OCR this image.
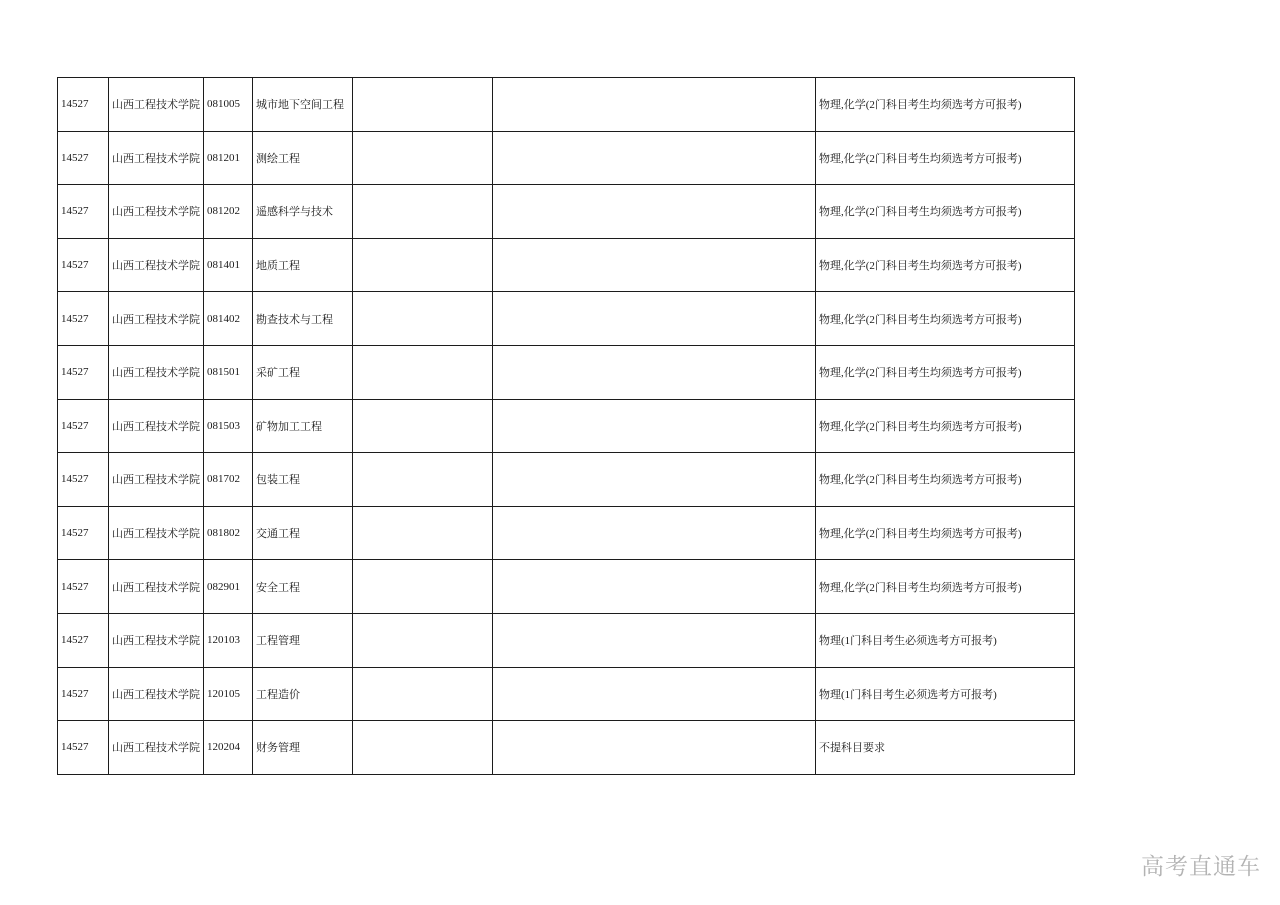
14527	山西工程技术学院	081005	城市地下空间工程			物理,化学(2门科目考生均须选考方可报考)
14527	山西工程技术学院	081201	测绘工程			物理,化学(2门科目考生均须选考方可报考)
14527	山西工程技术学院	081202	遥感科学与技术			物理,化学(2门科目考生均须选考方可报考)
14527	山西工程技术学院	081401	地质工程			物理,化学(2门科目考生均须选考方可报考)
14527	山西工程技术学院	081402	勘查技术与工程			物理,化学(2门科目考生均须选考方可报考)
14527	山西工程技术学院	081501	采矿工程			物理,化学(2门科目考生均须选考方可报考)
14527	山西工程技术学院	081503	矿物加工工程			物理,化学(2门科目考生均须选考方可报考)
14527	山西工程技术学院	081702	包装工程			物理,化学(2门科目考生均须选考方可报考)
14527	山西工程技术学院	081802	交通工程			物理,化学(2门科目考生均须选考方可报考)
14527	山西工程技术学院	082901	安全工程			物理,化学(2门科目考生均须选考方可报考)
14527	山西工程技术学院	120103	工程管理			物理(1门科目考生必须选考方可报考)
14527	山西工程技术学院	120105	工程造价			物理(1门科目考生必须选考方可报考)
14527	山西工程技术学院	120204	财务管理			不提科目要求
高考直通车
